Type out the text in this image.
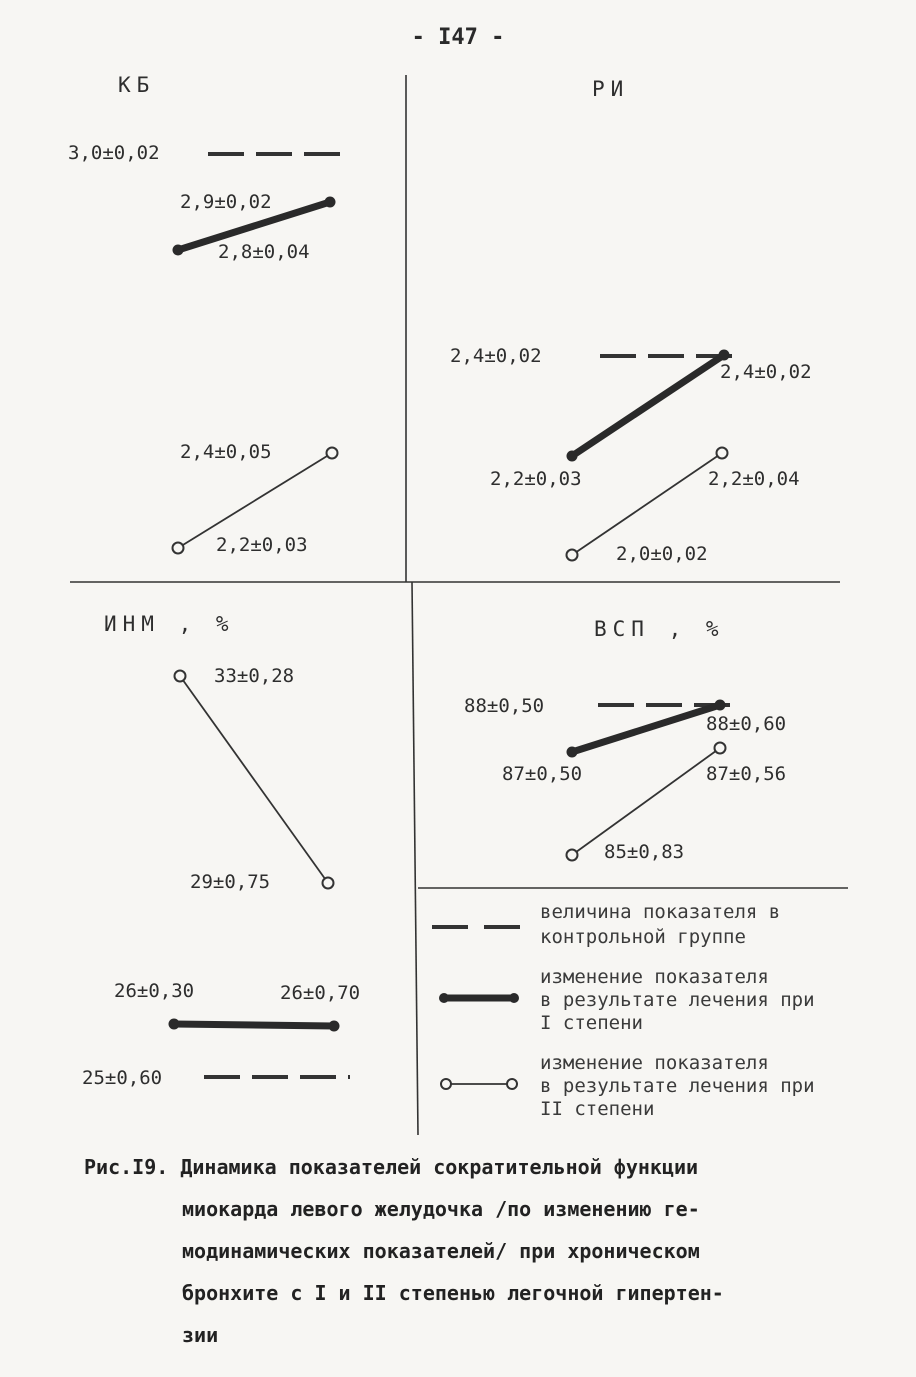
- I47 -
КБ
3,0±0,02
2,9±0,02
2,8±0,04
2,4±0,05
2,2±0,03
РИ
2,4±0,02
2,4±0,02
2,2±0,03	2,2±0,04
2,0±0,02
ИНМ , %
33±0,28
29±0,75
26±0,30	26±0,70
25±0,60
ВСП , %
88±0,50
88±0,60
87±0,50	87±0,56
85±0,83
величина показателя в
контрольной группе
изменение показателя
в результате лечения при
I степени
изменение показателя
в результате лечения при
II степени
Рис.I9. Динамика показателей сократительной функции
миокарда левого желудочка /по изменению ге-
модинамических показателей/ при хроническом
бронхите с I и II степенью легочной гипертен-
зии
